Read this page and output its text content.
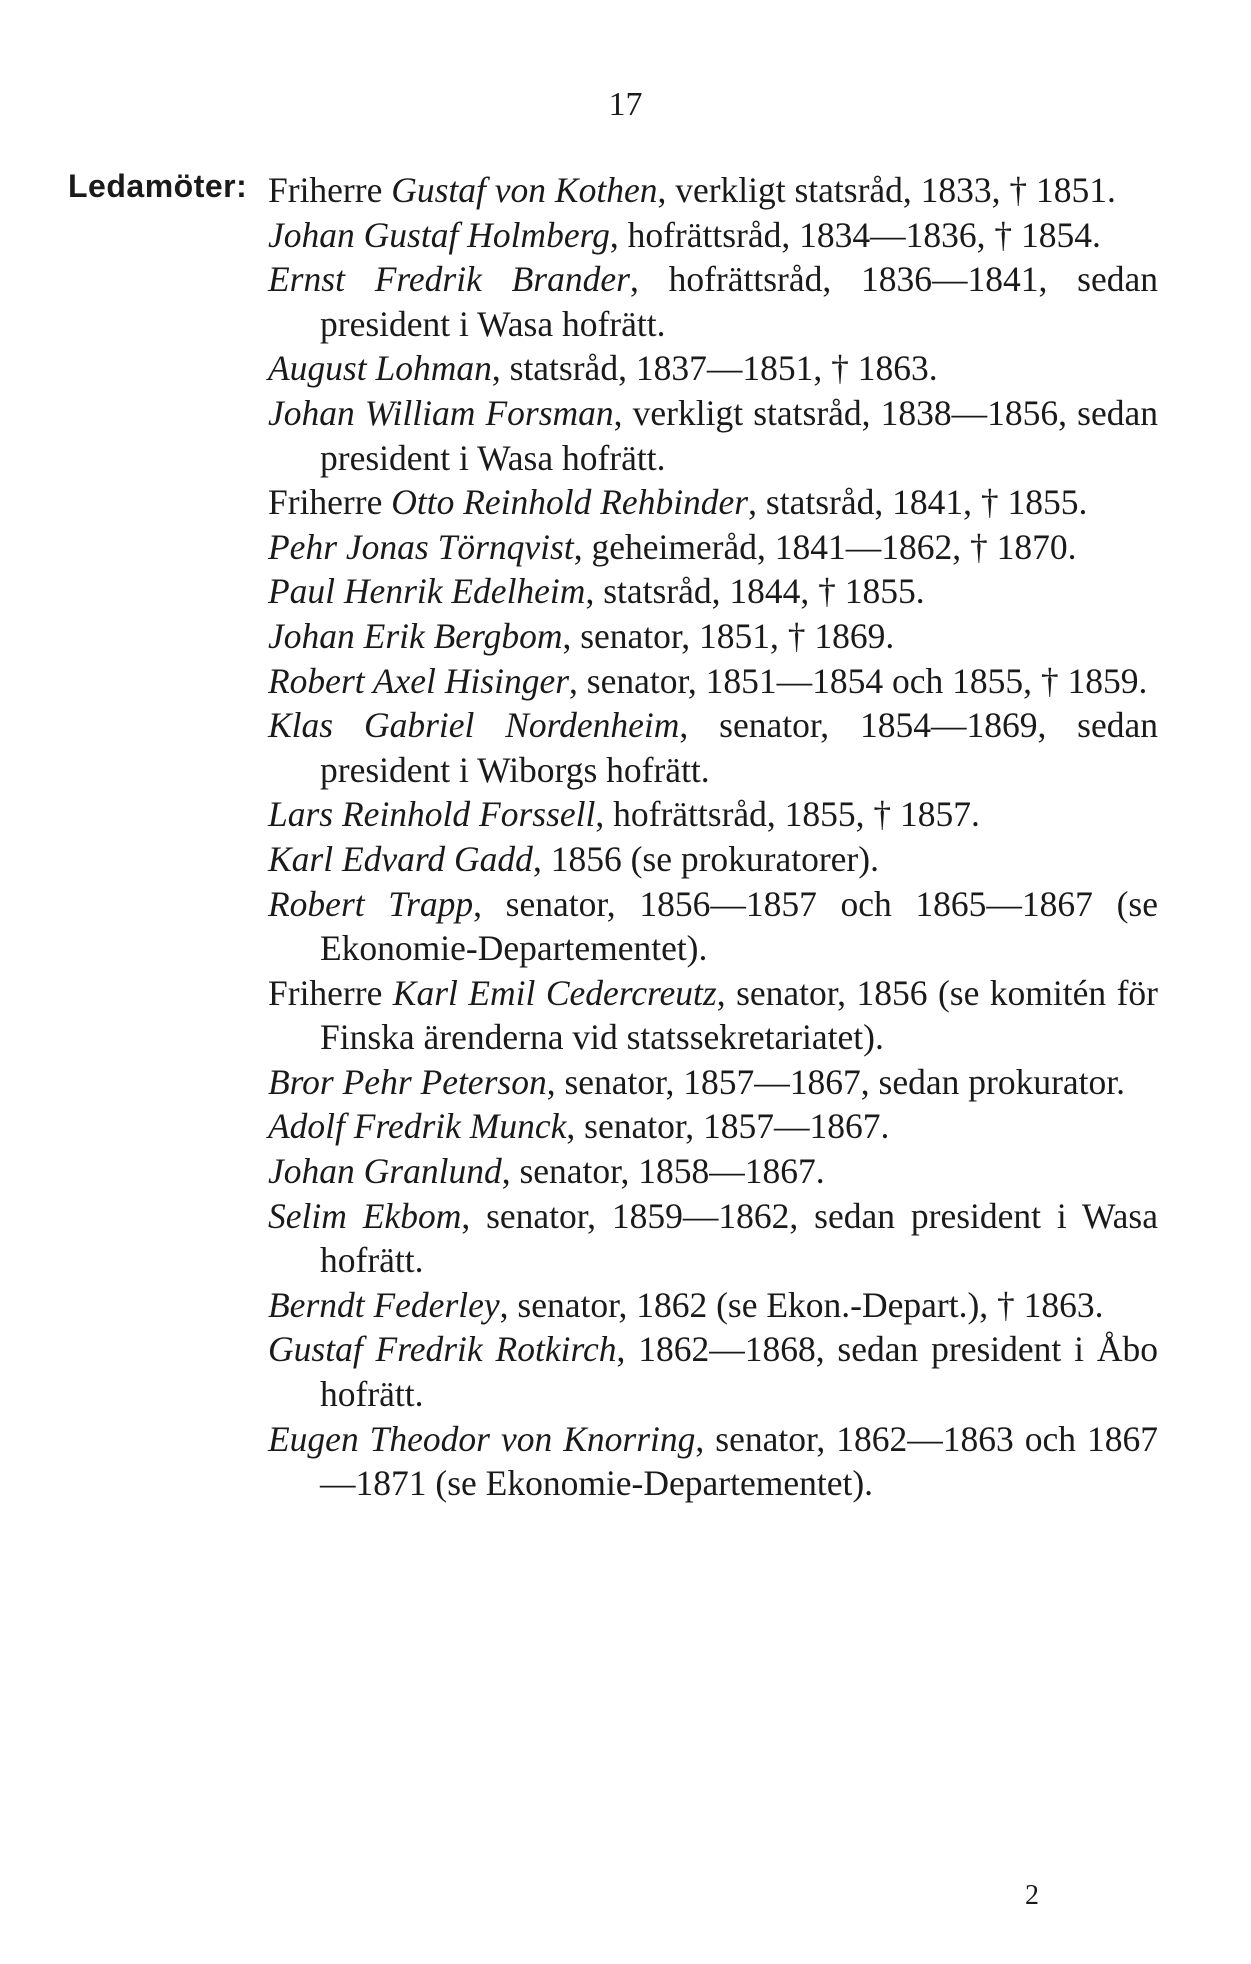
17
Ledamöter: Friherre Gustaf von Kothen, verkligt statsråd, 1833, † 1851.

Johan Gustaf Holmberg, hofrättsråd, 1834—1836, † 1854.

Ernst Fredrik Brander, hofrättsråd, 1836—1841, sedan president i Wasa hofrätt.

August Lohman, statsråd, 1837—1851, † 1863.

Johan William Forsman, verkligt statsråd, 1838—1856, sedan president i Wasa hofrätt.

Friherre Otto Reinhold Rehbinder, statsråd, 1841, † 1855.

Pehr Jonas Törnqvist, geheimeråd, 1841—1862, † 1870.

Paul Henrik Edelheim, statsråd, 1844, † 1855.

Johan Erik Bergbom, senator, 1851, † 1869.

Robert Axel Hisinger, senator, 1851—1854 och 1855, † 1859.

Klas Gabriel Nordenheim, senator, 1854—1869, sedan president i Wiborgs hofrätt.

Lars Reinhold Forssell, hofrättsråd, 1855, † 1857.

Karl Edvard Gadd, 1856 (se prokuratorer).

Robert Trapp, senator, 1856—1857 och 1865—1867 (se Ekonomie-Departementet).

Friherre Karl Emil Cedercreutz, senator, 1856 (se komitén för Finska ärenderna vid statssekretariatet).

Bror Pehr Peterson, senator, 1857—1867, sedan prokurator.

Adolf Fredrik Munck, senator, 1857—1867.

Johan Granlund, senator, 1858—1867.

Selim Ekbom, senator, 1859—1862, sedan president i Wasa hofrätt.

Berndt Federley, senator, 1862 (se Ekon.-Depart.), † 1863.

Gustaf Fredrik Rotkirch, 1862—1868, sedan president i Åbo hofrätt.

Eugen Theodor von Knorring, senator, 1862—1863 och 1867—1871 (se Ekonomie-Departementet).

2
